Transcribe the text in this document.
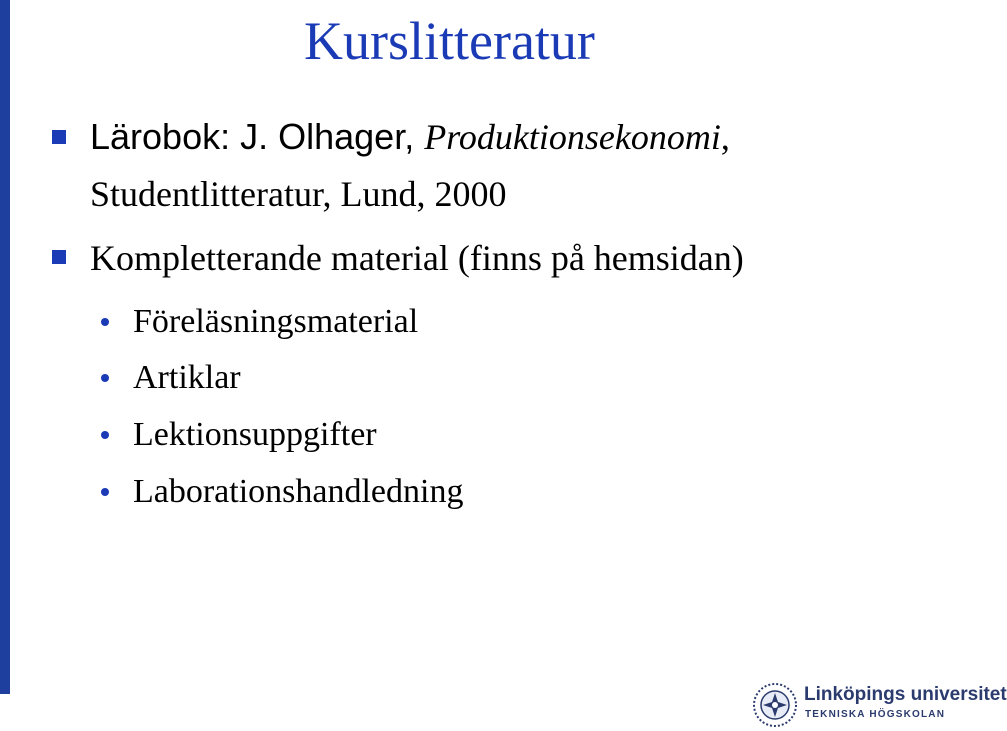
Kurslitteratur
Lärobok: J. Olhager, Produktionsekonomi,
Studentlitteratur, Lund, 2000
Kompletterande material (finns på hemsidan)
Föreläsningsmaterial
Artiklar
Lektionsuppgifter
Laborationshandledning
Linköpings universitet
TEKNISKA HÖGSKOLAN
